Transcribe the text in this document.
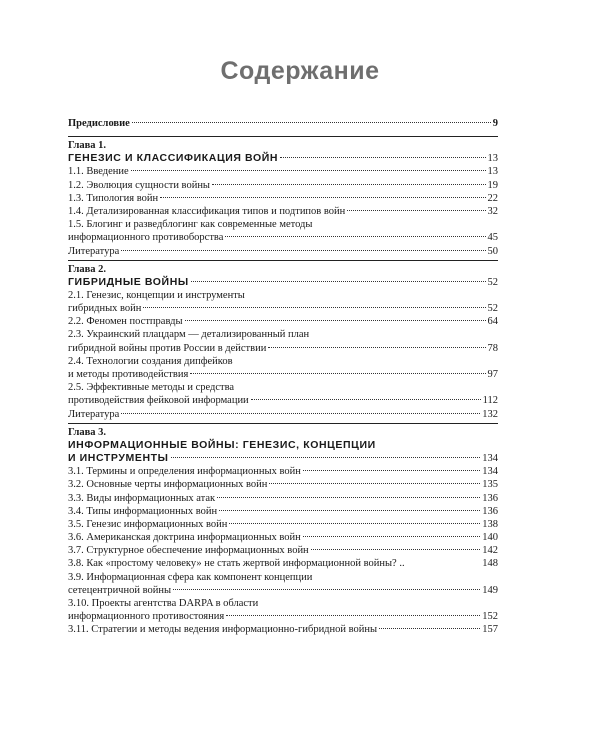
Содержание
Предисловие	9
Глава 1.
ГЕНЕЗИС И КЛАССИФИКАЦИЯ ВОЙН	13
1.1. Введение	13
1.2. Эволюция сущности войны	19
1.3. Типология войн	22
1.4. Детализированная классификация типов и подтипов войн	32
1.5. Блогинг и разведблогинг как современные методы
информационного противоборства	45
Литература	50
Глава 2.
ГИБРИДНЫЕ ВОЙНЫ	52
2.1. Генезис, концепции и инструменты
гибридных войн	52
2.2. Феномен постправды	64
2.3. Украинский плацдарм — детализированный план
гибридной войны против России в действии	78
2.4. Технологии создания дипфейков
и методы противодействия	97
2.5. Эффективные методы и средства
противодействия фейковой информации	112
Литература	132
Глава 3.
ИНФОРМАЦИОННЫЕ ВОЙНЫ: ГЕНЕЗИС, КОНЦЕПЦИИ
И ИНСТРУМЕНТЫ	134
3.1. Термины и определения информационных войн	134
3.2. Основные черты информационных войн	135
3.3. Виды информационных атак	136
3.4. Типы информационных войн	136
3.5. Генезис информационных войн	138
3.6. Американская доктрина информационных войн	140
3.7. Структурное обеспечение информационных войн	142
3.8. Как «простому человеку» не стать жертвой информационной войны? ..	148
3.9. Информационная сфера как компонент концепции
сетецентричной войны	149
3.10. Проекты агентства DARPA в области
информационного противостояния	152
3.11. Стратегии и методы ведения информационно-гибридной войны	157
